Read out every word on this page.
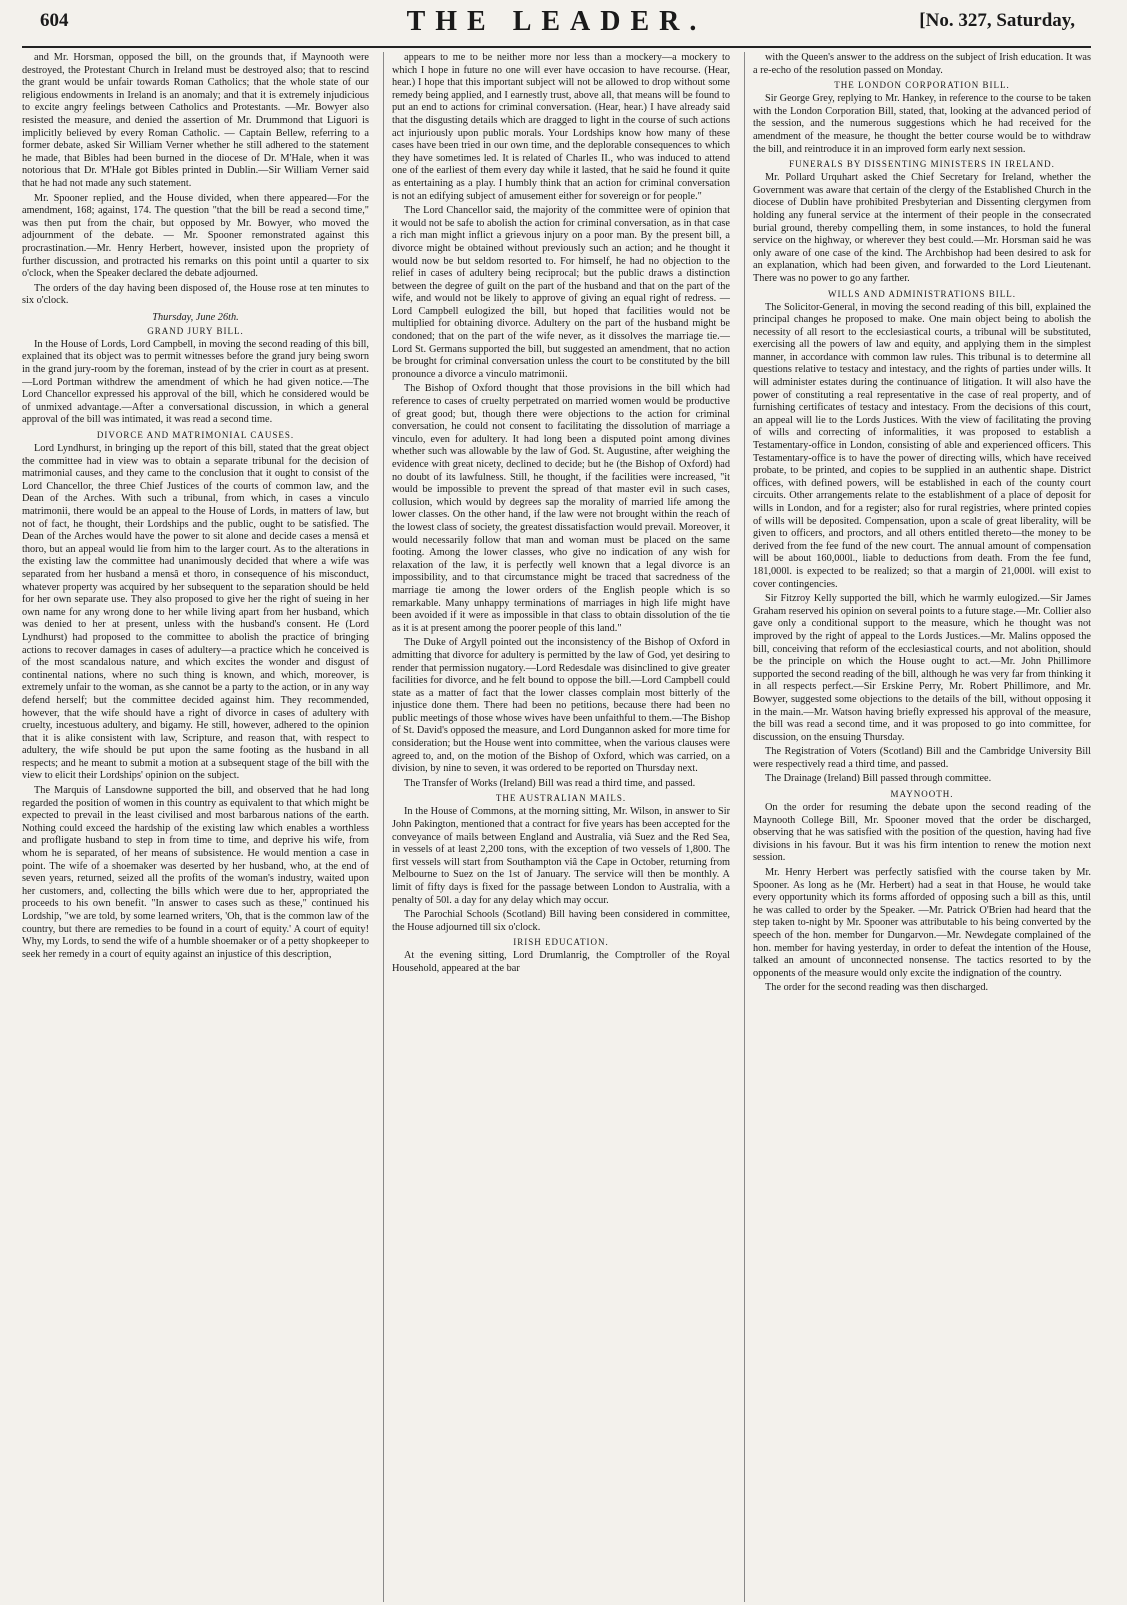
604	THE LEADER.	[No. 327, Saturday,

and Mr. Horsman, opposed the bill, on the grounds that, if Maynooth were destroyed, the Protestant Church in Ireland must be destroyed also; that to rescind the grant would be unfair towards Roman Catholics; that the whole state of our religious endowments in Ireland is an anomaly; and that it is extremely injudicious to excite angry feelings between Catholics and Protestants. —Mr. Bowyer also resisted the measure, and denied the assertion of Mr. Drummond that Liguori is implicitly believed by every Roman Catholic. — Captain Bellew, referring to a former debate, asked Sir William Verner whether he still adhered to the statement he made, that Bibles had been burned in the diocese of Dr. M'Hale, when it was notorious that Dr. M'Hale got Bibles printed in Dublin.—Sir William Verner said that he had not made any such statement.

Mr. Spooner replied, and the House divided, when there appeared—For the amendment, 168; against, 174. The question "that the bill be read a second time," was then put from the chair, but opposed by Mr. Bowyer, who moved the adjournment of the debate. — Mr. Spooner remonstrated against this procrastination.—Mr. Henry Herbert, however, insisted upon the propriety of further discussion, and protracted his remarks on this point until a quarter to six o'clock, when the Speaker declared the debate adjourned.

The orders of the day having been disposed of, the House rose at ten minutes to six o'clock.

Thursday, June 26th.
GRAND JURY BILL.

In the House of Lords, Lord Campbell, in moving the second reading of this bill, explained that its object was to permit witnesses before the grand jury being sworn in the grand jury-room by the foreman, instead of by the crier in court as at present.—Lord Portman withdrew the amendment of which he had given notice.—The Lord Chancellor expressed his approval of the bill, which he considered would be of unmixed advantage.—After a conversational discussion, in which a general approval of the bill was intimated, it was read a second time.

DIVORCE AND MATRIMONIAL CAUSES.

Lord Lyndhurst, in bringing up the report of this bill, stated that the great object the committee had in view was to obtain a separate tribunal for the decision of matrimonial causes, and they came to the conclusion that it ought to consist of the Lord Chancellor, the three Chief Justices of the courts of common law, and the Dean of the Arches. With such a tribunal, from which, in cases a vinculo matrimonii, there would be an appeal to the House of Lords, in matters of law, but not of fact, he thought, their Lordships and the public, ought to be satisfied. The Dean of the Arches would have the power to sit alone and decide cases a mensâ et thoro, but an appeal would lie from him to the larger court. As to the alterations in the existing law the committee had unanimously decided that where a wife was separated from her husband a mensâ et thoro, in consequence of his misconduct, whatever property was acquired by her subsequent to the separation should be held for her own separate use. They also proposed to give her the right of sueing in her own name for any wrong done to her while living apart from her husband, which was denied to her at present, unless with the husband's consent. He (Lord Lyndhurst) had proposed to the committee to abolish the practice of bringing actions to recover damages in cases of adultery—a practice which he conceived is of the most scandalous nature, and which excites the wonder and disgust of continental nations, where no such thing is known, and which, moreover, is extremely unfair to the woman, as she cannot be a party to the action, or in any way defend herself; but the committee decided against him. They recommended, however, that the wife should have a right of divorce in cases of adultery with cruelty, incestuous adultery, and bigamy. He still, however, adhered to the opinion that it is alike consistent with law, Scripture, and reason that, with respect to adultery, the wife should be put upon the same footing as the husband in all respects; and he meant to submit a motion at a subsequent stage of the bill with the view to elicit their Lordships' opinion on the subject.

The Marquis of Lansdowne supported the bill, and observed that he had long regarded the position of women in this country as equivalent to that which might be expected to prevail in the least civilised and most barbarous nations of the earth. Nothing could exceed the hardship of the existing law which enables a worthless and profligate husband to step in from time to time, and deprive his wife, from whom he is separated, of her means of subsistence. He would mention a case in point. The wife of a shoemaker was deserted by her husband, who, at the end of seven years, returned, seized all the profits of the woman's industry, waited upon her customers, and, collecting the bills which were due to her, appropriated the proceeds to his own benefit. "In answer to cases such as these," continued his Lordship, "we are told, by some learned writers, 'Oh, that is the common law of the country, but there are remedies to be found in a court of equity.' A court of equity! Why, my Lords, to send the wife of a humble shoemaker or of a petty shopkeeper to seek her remedy in a court of equity against an injustice of this description,

appears to me to be neither more nor less than a mockery—a mockery to which I hope in future no one will ever have occasion to have recourse. (Hear, hear.) I hope that this important subject will not be allowed to drop without some remedy being applied, and I earnestly trust, above all, that means will be found to put an end to actions for criminal conversation. (Hear, hear.) I have already said that the disgusting details which are dragged to light in the course of such actions act injuriously upon public morals. Your Lordships know how many of these cases have been tried in our own time, and the deplorable consequences to which they have sometimes led. It is related of Charles II., who was induced to attend one of the earliest of them every day while it lasted, that he said he found it quite as entertaining as a play. I humbly think that an action for criminal conversation is not an edifying subject of amusement either for sovereign or for people."

The Lord Chancellor said, the majority of the committee were of opinion that it would not be safe to abolish the action for criminal conversation, as in that case a rich man might inflict a grievous injury on a poor man. By the present bill, a divorce might be obtained without previously such an action; and he thought it would now be but seldom resorted to. For himself, he had no objection to the relief in cases of adultery being reciprocal; but the public draws a distinction between the degree of guilt on the part of the husband and that on the part of the wife, and would not be likely to approve of giving an equal right of redress. —Lord Campbell eulogized the bill, but hoped that facilities would not be multiplied for obtaining divorce. Adultery on the part of the husband might be condoned; that on the part of the wife never, as it dissolves the marriage tie.—Lord St. Germans supported the bill, but suggested an amendment, that no action be brought for criminal conversation unless the court to be constituted by the bill pronounce a divorce a vinculo matrimonii.

The Bishop of Oxford thought that those provisions in the bill which had reference to cases of cruelty perpetrated on married women would be productive of great good; but, though there were objections to the action for criminal conversation, he could not consent to facilitating the dissolution of marriage a vinculo, even for adultery. It had long been a disputed point among divines whether such was allowable by the law of God. St. Augustine, after weighing the evidence with great nicety, declined to decide; but he (the Bishop of Oxford) had no doubt of its lawfulness. Still, he thought, if the facilities were increased, "it would be impossible to prevent the spread of that master evil in such cases, collusion, which would by degrees sap the morality of married life among the lower classes. On the other hand, if the law were not brought within the reach of the lowest class of society, the greatest dissatisfaction would prevail. Moreover, it would necessarily follow that man and woman must be placed on the same footing. Among the lower classes, who give no indication of any wish for relaxation of the law, it is perfectly well known that a legal divorce is an impossibility, and to that circumstance might be traced that sacredness of the marriage tie among the lower orders of the English people which is so remarkable. Many unhappy terminations of marriages in high life might have been avoided if it were as impossible in that class to obtain dissolution of the tie as it is at present among the poorer people of this land."

The Duke of Argyll pointed out the inconsistency of the Bishop of Oxford in admitting that divorce for adultery is permitted by the law of God, yet desiring to render that permission nugatory.—Lord Redesdale was disinclined to give greater facilities for divorce, and he felt bound to oppose the bill.—Lord Campbell could state as a matter of fact that the lower classes complain most bitterly of the injustice done them. There had been no petitions, because there had been no public meetings of those whose wives have been unfaithful to them.—The Bishop of St. David's opposed the measure, and Lord Dungannon asked for more time for consideration; but the House went into committee, when the various clauses were agreed to, and, on the motion of the Bishop of Oxford, which was carried, on a division, by nine to seven, it was ordered to be reported on Thursday next.

The Transfer of Works (Ireland) Bill was read a third time, and passed.

THE AUSTRALIAN MAILS.

In the House of Commons, at the morning sitting, Mr. Wilson, in answer to Sir John Pakington, mentioned that a contract for five years has been accepted for the conveyance of mails between England and Australia, viâ Suez and the Red Sea, in vessels of at least 2,200 tons, with the exception of two vessels of 1,800. The first vessels will start from Southampton viâ the Cape in October, returning from Melbourne to Suez on the 1st of January. The service will then be monthly. A limit of fifty days is fixed for the passage between London to Australia, with a penalty of 50l. a day for any delay which may occur.

The Parochial Schools (Scotland) Bill having been considered in committee, the House adjourned till six o'clock.

IRISH EDUCATION.

At the evening sitting, Lord Drumlanrig, the Comptroller of the Royal Household, appeared at the bar

with the Queen's answer to the address on the subject of Irish education. It was a re-echo of the resolution passed on Monday.

THE LONDON CORPORATION BILL.

Sir George Grey, replying to Mr. Hankey, in reference to the course to be taken with the London Corporation Bill, stated, that, looking at the advanced period of the session, and the numerous suggestions which he had received for the amendment of the measure, he thought the better course would be to withdraw the bill, and reintroduce it in an improved form early next session.

FUNERALS BY DISSENTING MINISTERS IN IRELAND.

Mr. Pollard Urquhart asked the Chief Secretary for Ireland, whether the Government was aware that certain of the clergy of the Established Church in the diocese of Dublin have prohibited Presbyterian and Dissenting clergymen from holding any funeral service at the interment of their people in the consecrated burial ground, thereby compelling them, in some instances, to hold the funeral service on the highway, or wherever they best could.—Mr. Horsman said he was only aware of one case of the kind. The Archbishop had been desired to ask for an explanation, which had been given, and forwarded to the Lord Lieutenant. There was no power to go any farther.

WILLS AND ADMINISTRATIONS BILL.

The Solicitor-General, in moving the second reading of this bill, explained the principal changes he proposed to make. One main object being to abolish the necessity of all resort to the ecclesiastical courts, a tribunal will be substituted, exercising all the powers of law and equity, and applying them in the simplest manner, in accordance with common law rules. This tribunal is to determine all questions relative to testacy and intestacy, and the rights of parties under wills. It will administer estates during the continuance of litigation. It will also have the power of constituting a real representative in the case of real property, and of furnishing certificates of testacy and intestacy. From the decisions of this court, an appeal will lie to the Lords Justices. With the view of facilitating the proving of wills and correcting of informalities, it was proposed to establish a Testamentary-office in London, consisting of able and experienced officers. This Testamentary-office is to have the power of directing wills, which have received probate, to be printed, and copies to be supplied in an authentic shape. District offices, with defined powers, will be established in each of the county court circuits. Other arrangements relate to the establishment of a place of deposit for wills in London, and for a register; also for rural registries, where printed copies of wills will be deposited. Compensation, upon a scale of great liberality, will be given to officers, and proctors, and all others entitled thereto—the money to be derived from the fee fund of the new court. The annual amount of compensation will be about 160,000l., liable to deductions from death. From the fee fund, 181,000l. is expected to be realized; so that a margin of 21,000l. will exist to cover contingencies.

Sir Fitzroy Kelly supported the bill, which he warmly eulogized.—Sir James Graham reserved his opinion on several points to a future stage.—Mr. Collier also gave only a conditional support to the measure, which he thought was not improved by the right of appeal to the Lords Justices.—Mr. Malins opposed the bill, conceiving that reform of the ecclesiastical courts, and not abolition, should be the principle on which the House ought to act.—Mr. John Phillimore supported the second reading of the bill, although he was very far from thinking it in all respects perfect.—Sir Erskine Perry, Mr. Robert Phillimore, and Mr. Bowyer, suggested some objections to the details of the bill, without opposing it in the main.—Mr. Watson having briefly expressed his approval of the measure, the bill was read a second time, and it was proposed to go into committee, for discussion, on the ensuing Thursday.

The Registration of Voters (Scotland) Bill and the Cambridge University Bill were respectively read a third time, and passed.

The Drainage (Ireland) Bill passed through committee.

MAYNOOTH.

On the order for resuming the debate upon the second reading of the Maynooth College Bill, Mr. Spooner moved that the order be discharged, observing that he was satisfied with the position of the question, having had five divisions in his favour. But it was his firm intention to renew the motion next session.

Mr. Henry Herbert was perfectly satisfied with the course taken by Mr. Spooner. As long as he (Mr. Herbert) had a seat in that House, he would take every opportunity which its forms afforded of opposing such a bill as this, until he was called to order by the Speaker. —Mr. Patrick O'Brien had heard that the step taken to-night by Mr. Spooner was attributable to his being converted by the speech of the hon. member for Dungarvon.—Mr. Newdegate complained of the hon. member for having yesterday, in order to defeat the intention of the House, talked an amount of unconnected nonsense. The tactics resorted to by the opponents of the measure would only excite the indignation of the country.

The order for the second reading was then discharged.
